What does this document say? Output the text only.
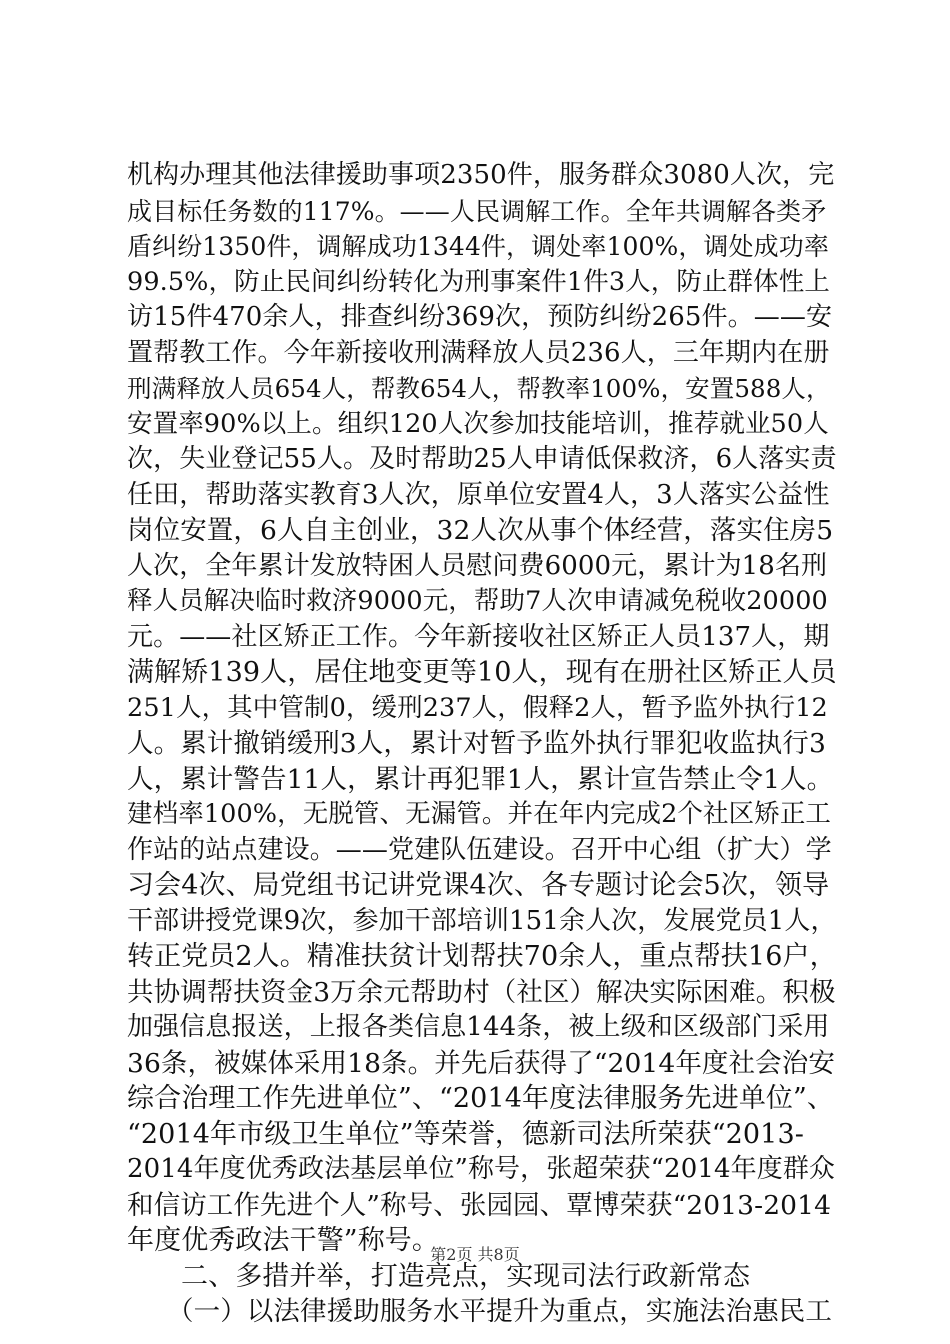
机构办理其他法律援助事项2350件，服务群众3080人次，完
成目标任务数的117%。——人民调解工作。全年共调解各类矛
盾纠纷1350件，调解成功1344件，调处率100%，调处成功率
99.5%，防止民间纠纷转化为刑事案件1件3人，防止群体性上
访15件470余人，排查纠纷369次，预防纠纷265件。——安
置帮教工作。今年新接收刑满释放人员236人，三年期内在册
刑满释放人员654人，帮教654人，帮教率100%，安置588人，
安置率90%以上。组织120人次参加技能培训，推荐就业50人
次，失业登记55人。及时帮助25人申请低保救济，6人落实责
任田，帮助落实教育3人次，原单位安置4人，3人落实公益性
岗位安置，6人自主创业，32人次从事个体经营，落实住房5
人次，全年累计发放特困人员慰问费6000元，累计为18名刑
释人员解决临时救济9000元，帮助7人次申请减免税收20000
元。——社区矫正工作。今年新接收社区矫正人员137人，期
满解矫139人，居住地变更等10人，现有在册社区矫正人员
251人，其中管制0，缓刑237人，假释2人，暂予监外执行12
人。累计撤销缓刑3人，累计对暂予监外执行罪犯收监执行3
人，累计警告11人，累计再犯罪1人，累计宣告禁止令1人。
建档率100%，无脱管、无漏管。并在年内完成2个社区矫正工
作站的站点建设。——党建队伍建设。召开中心组（扩大）学
习会4次、局党组书记讲党课4次、各专题讨论会5次，领导
干部讲授党课9次，参加干部培训151余人次，发展党员1人，
转正党员2人。精准扶贫计划帮扶70余人，重点帮扶16户，
共协调帮扶资金3万余元帮助村（社区）解决实际困难。积极
加强信息报送，上报各类信息144条，被上级和区级部门采用
36条，被媒体采用18条。并先后获得了“2014年度社会治安
综合治理工作先进单位”、“2014年度法律服务先进单位”、
“2014年市级卫生单位”等荣誉，德新司法所荣获“2013-
2014年度优秀政法基层单位”称号，张超荣获“2014年度群众
和信访工作先进个人”称号、张园园、覃博荣获“2013-2014
年度优秀政法干警”称号。
二、多措并举，打造亮点，实现司法行政新常态
（一）以法律援助服务水平提升为重点，实施法治惠民工
第2页 共8页
